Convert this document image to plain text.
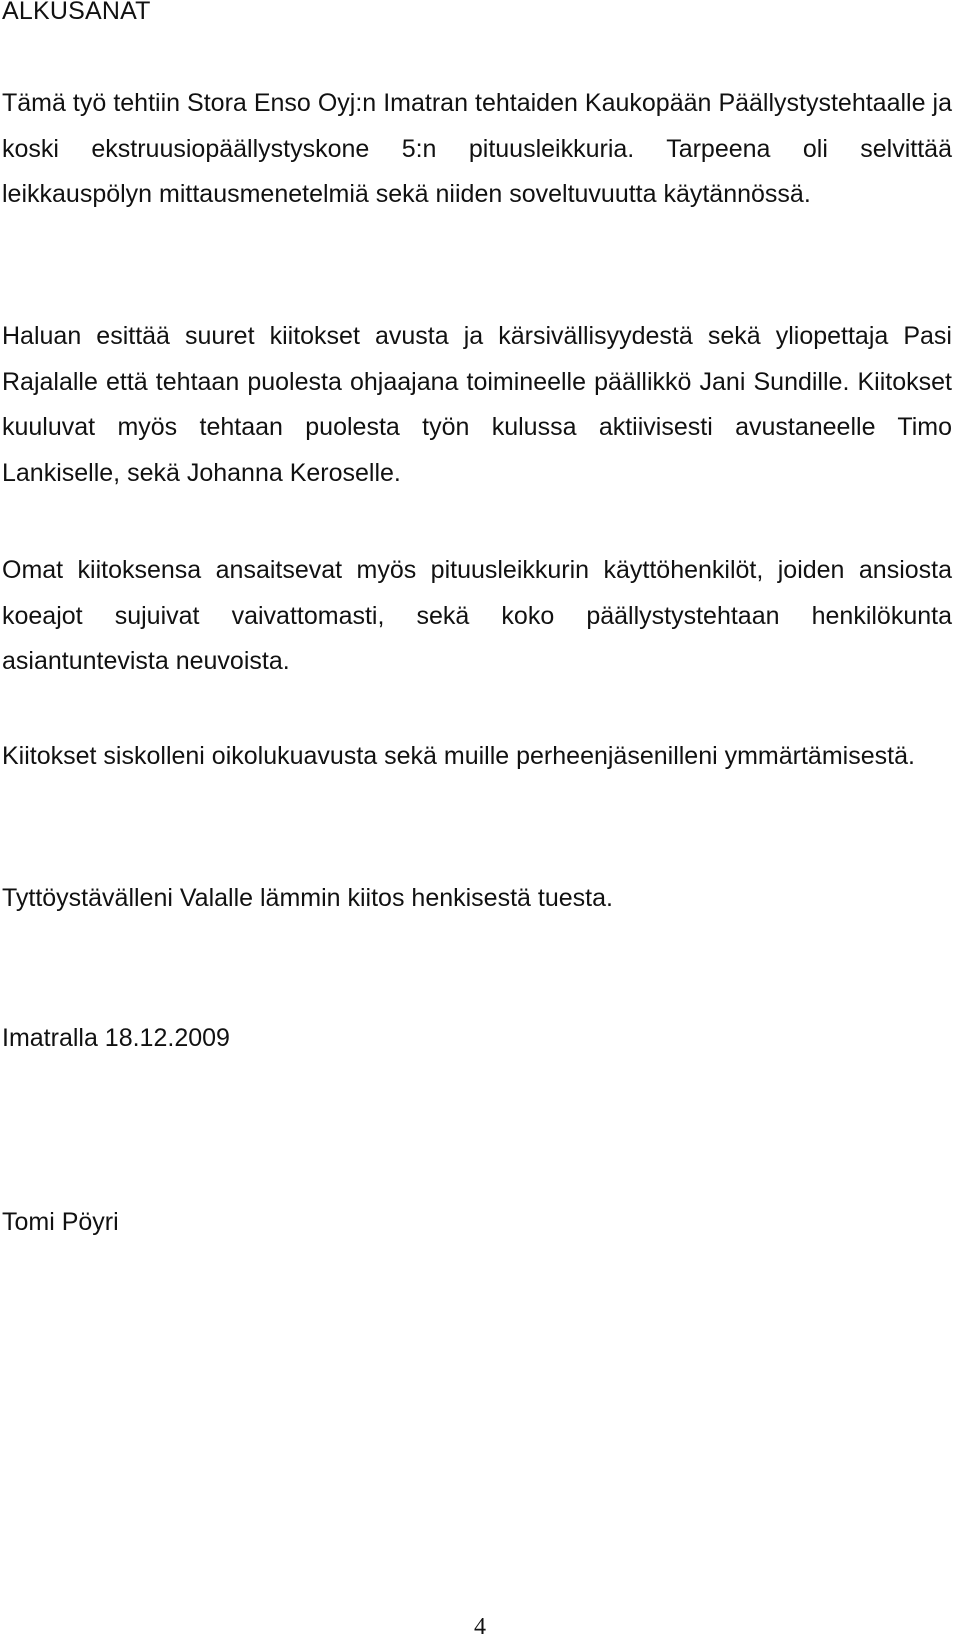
ALKUSANAT

Tämä työ tehtiin Stora Enso Oyj:n Imatran tehtaiden Kaukopään Päällystystehtaalle ja koski ekstruusiopäällystyskone 5:n pituusleikkuria. Tarpeena oli selvittää leikkauspölyn mittausmenetelmiä sekä niiden soveltuvuutta käytännössä.

Haluan esittää suuret kiitokset avusta ja kärsivällisyydestä sekä yliopettaja Pasi Rajalalle että tehtaan puolesta ohjaajana toimineelle päällikkö Jani Sundille. Kiitokset kuuluvat myös tehtaan puolesta työn kulussa aktiivisesti avustaneelle Timo Lankiselle, sekä Johanna Keroselle.

Omat kiitoksensa ansaitsevat myös pituusleikkurin käyttöhenkilöt, joiden ansiosta koeajot sujuivat vaivattomasti, sekä koko päällystystehtaan henkilökunta asiantuntevista neuvoista.

Kiitokset siskolleni oikolukuavusta sekä muille perheenjäsenilleni ymmärtämisestä.

Tyttöystävälleni Valalle lämmin kiitos henkisestä tuesta.

Imatralla 18.12.2009
Tomi Pöyri
4
